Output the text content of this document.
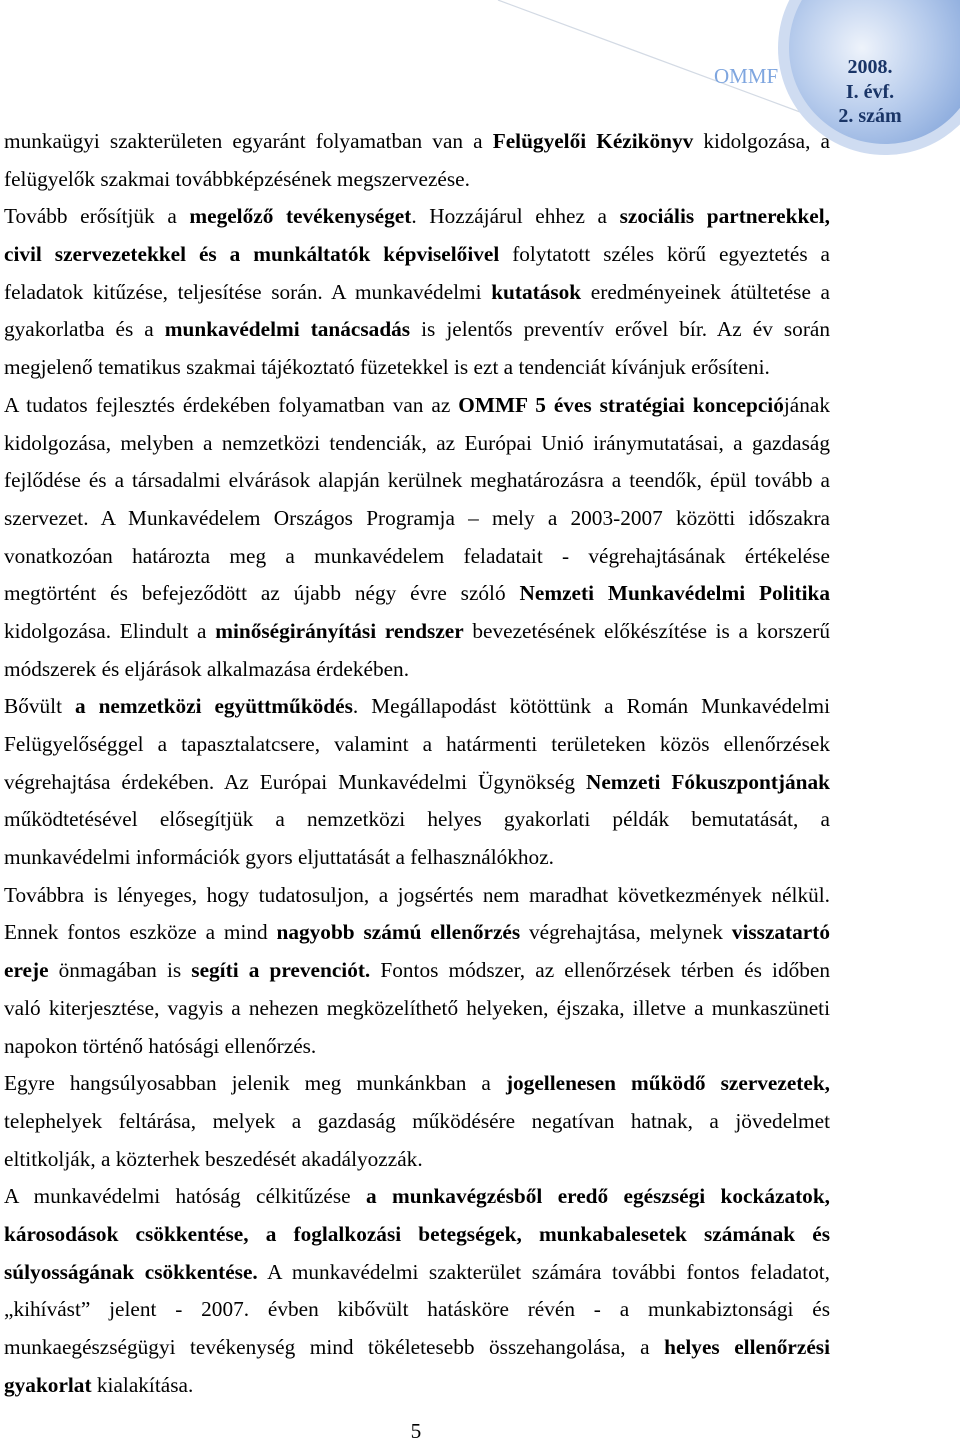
OMMF	2008.
I. évf.
2. szám
munkaügyi szakterületen egyaránt folyamatban van a Felügyelői Kézikönyv kidolgozása, a
felügyelők szakmai továbbképzésének megszervezése.
Tovább erősítjük a megelőző tevékenységet. Hozzájárul ehhez a szociális partnerekkel,
civil szervezetekkel és a munkáltatók képviselőivel folytatott széles körű egyeztetés a
feladatok kitűzése, teljesítése során. A munkavédelmi kutatások eredményeinek átültetése a
gyakorlatba és a munkavédelmi tanácsadás is jelentős preventív erővel bír. Az év során
megjelenő tematikus szakmai tájékoztató füzetekkel is ezt a tendenciát kívánjuk erősíteni.
A tudatos fejlesztés érdekében folyamatban van az OMMF 5 éves stratégiai koncepciójának
kidolgozása, melyben a nemzetközi tendenciák, az Európai Unió iránymutatásai, a gazdaság
fejlődése és a társadalmi elvárások alapján kerülnek meghatározásra a teendők, épül tovább a
szervezet. A Munkavédelem Országos Programja – mely a 2003-2007 közötti időszakra
vonatkozóan határozta meg a munkavédelem feladatait - végrehajtásának értékelése
megtörtént és befejeződött az újabb négy évre szóló Nemzeti Munkavédelmi Politika
kidolgozása. Elindult a minőségirányítási rendszer bevezetésének előkészítése is a korszerű
módszerek és eljárások alkalmazása érdekében.
Bővült a nemzetközi együttműködés. Megállapodást kötöttünk a Román Munkavédelmi
Felügyelőséggel a tapasztalatcsere, valamint a határmenti területeken közös ellenőrzések
végrehajtása érdekében. Az Európai Munkavédelmi Ügynökség Nemzeti Fókuszpontjának
működtetésével elősegítjük a nemzetközi helyes gyakorlati példák bemutatását, a
munkavédelmi információk gyors eljuttatását a felhasználókhoz.
Továbbra is lényeges, hogy tudatosuljon, a jogsértés nem maradhat következmények nélkül.
Ennek fontos eszköze a mind nagyobb számú ellenőrzés végrehajtása, melynek visszatartó
ereje önmagában is segíti a prevenciót. Fontos módszer, az ellenőrzések térben és időben
való kiterjesztése, vagyis a nehezen megközelíthető helyeken, éjszaka, illetve a munkaszüneti
napokon történő hatósági ellenőrzés.
Egyre hangsúlyosabban jelenik meg munkánkban a jogellenesen működő szervezetek,
telephelyek feltárása, melyek a gazdaság működésére negatívan hatnak, a jövedelmet
eltitkolják, a közterhek beszedését akadályozzák.
A munkavédelmi hatóság célkitűzése a munkavégzésből eredő egészségi kockázatok,
károsodások csökkentése, a foglalkozási betegségek, munkabalesetek számának és
súlyosságának csökkentése. A munkavédelmi szakterület számára további fontos feladatot,
„kihívást” jelent - 2007. évben kibővült hatásköre révén - a munkabiztonsági és
munkaegészségügyi tevékenység mind tökéletesebb összehangolása, a helyes ellenőrzési
gyakorlat kialakítása.
5
